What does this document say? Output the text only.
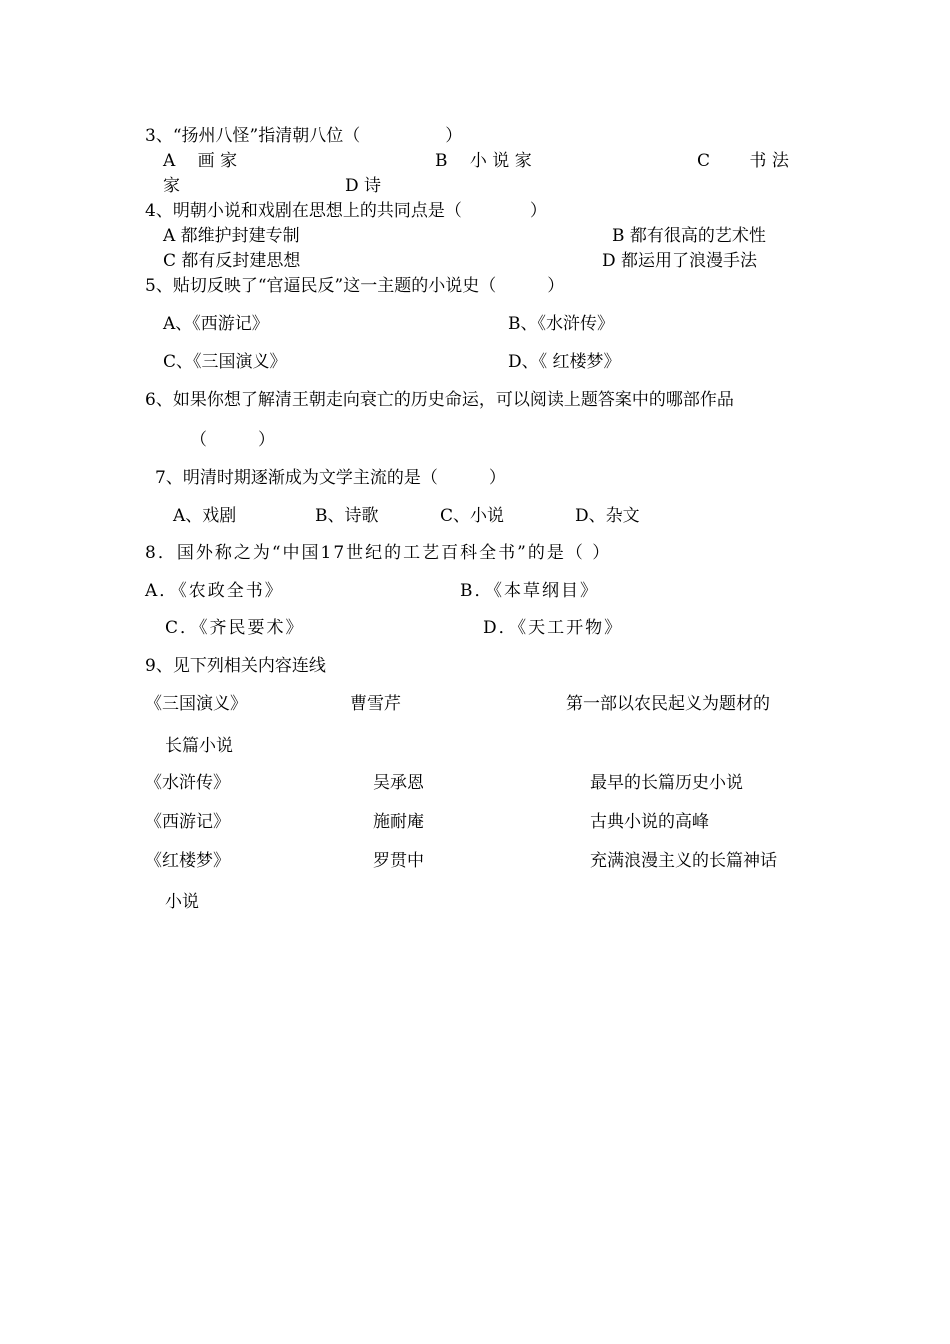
3、“扬州八怪”指清朝八位（　　　　　）
A　 画 家	B　 小 说 家	C　　 书 法
家	D 诗
4、明朝小说和戏剧在思想上的共同点是（　　　　）
A 都维护封建专制	B 都有很高的艺术性
C 都有反封建思想	D 都运用了浪漫手法
5、贴切反映了“官逼民反”这一主题的小说史（　　　）
A、《西游记》	B、《水浒传》
C、《三国演义》	D、《 红楼梦》
6、如果你想了解清王朝走向衰亡的历史命运，可以阅读上题答案中的哪部作品
（　　　）
7、明清时期逐渐成为文学主流的是（　　　）
A、戏剧	B、诗歌	C、小说	D、杂文
8．国外称之为“中国17世纪的工艺百科全书”的是（ ）
A．《农政全书》	B．《本草纲目》
C．《齐民要术》	D．《天工开物》
9、见下列相关内容连线
《三国演义》	曹雪芹	第一部以农民起义为题材的
长篇小说
《水浒传》	吴承恩	最早的长篇历史小说
《西游记》	施耐庵	古典小说的高峰
《红楼梦》	罗贯中	充满浪漫主义的长篇神话
小说
